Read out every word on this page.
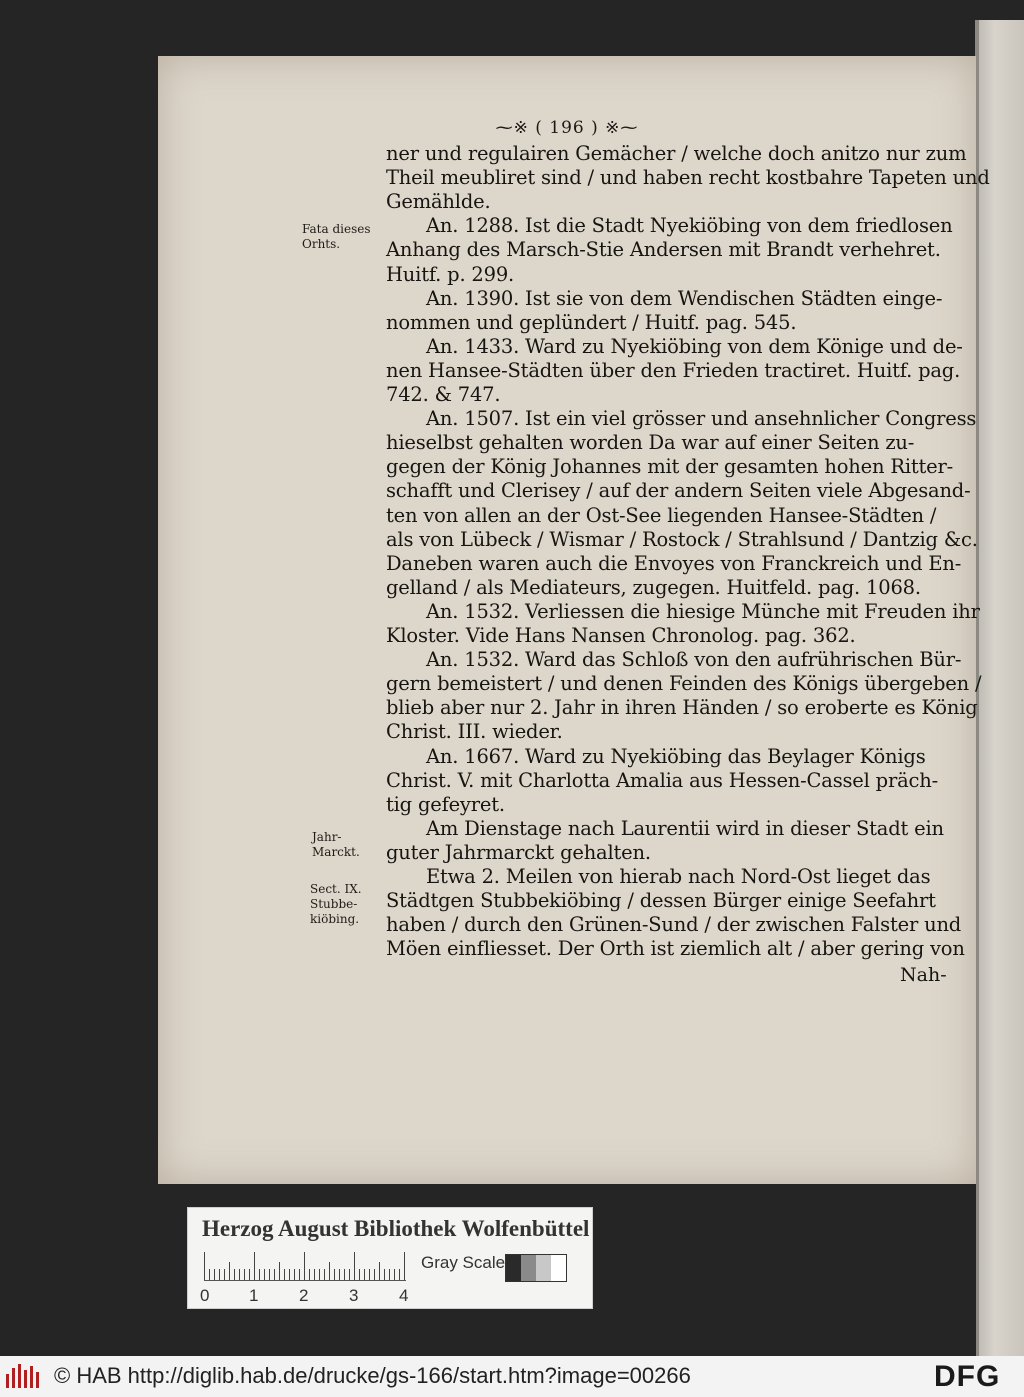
⁓※ ( 196 ) ※⁓
ner und regulairen Gemächer / welche doch anitzo nur zum
Theil meubliret sind / und haben recht kostbahre Tapeten und
Gemählde.
An. 1288. Ist die Stadt Nyekiöbing von dem friedlosen
Anhang des Marsch-Stie Andersen mit Brandt verhehret.
Huitf. p. 299.
An. 1390. Ist sie von dem Wendischen Städten einge-
nommen und geplündert / Huitf. pag. 545.
An. 1433. Ward zu Nyekiöbing von dem Könige und de-
nen Hansee-Städten über den Frieden tractiret. Huitf. pag.
742. & 747.
An. 1507. Ist ein viel grösser und ansehnlicher Congress
hieselbst gehalten worden Da war auf einer Seiten zu-
gegen der König Johannes mit der gesamten hohen Ritter-
schafft und Clerisey / auf der andern Seiten viele Abgesand-
ten von allen an der Ost-See liegenden Hansee-Städten /
als von Lübeck / Wismar / Rostock / Strahlsund / Dantzig &c.
Daneben waren auch die Envoyes von Franckreich und En-
gelland / als Mediateurs, zugegen. Huitfeld. pag. 1068.
An. 1532. Verliessen die hiesige Münche mit Freuden ihr
Kloster. Vide Hans Nansen Chronolog. pag. 362.
An. 1532. Ward das Schloß von den aufrührischen Bür-
gern bemeistert / und denen Feinden des Königs übergeben /
blieb aber nur 2. Jahr in ihren Händen / so eroberte es König
Christ. III. wieder.
An. 1667. Ward zu Nyekiöbing das Beylager Königs
Christ. V. mit Charlotta Amalia aus Hessen-Cassel präch-
tig gefeyret.
Am Dienstage nach Laurentii wird in dieser Stadt ein
guter Jahrmarckt gehalten.
Etwa 2. Meilen von hierab nach Nord-Ost lieget das
Städtgen Stubbekiöbing / dessen Bürger einige Seefahrt
haben / durch den Grünen-Sund / der zwischen Falster und
Möen einfliesset. Der Orth ist ziemlich alt / aber gering von
Fata dieses
Orhts.
Jahr-
Marckt.
Sect. IX.
Stubbe-
kiöbing.
Nah-
Herzog August Bibliothek Wolfenbüttel
0 1 2 3 4
Gray Scale
© HAB http://diglib.hab.de/drucke/gs-166/start.htm?image=00266	DFG
